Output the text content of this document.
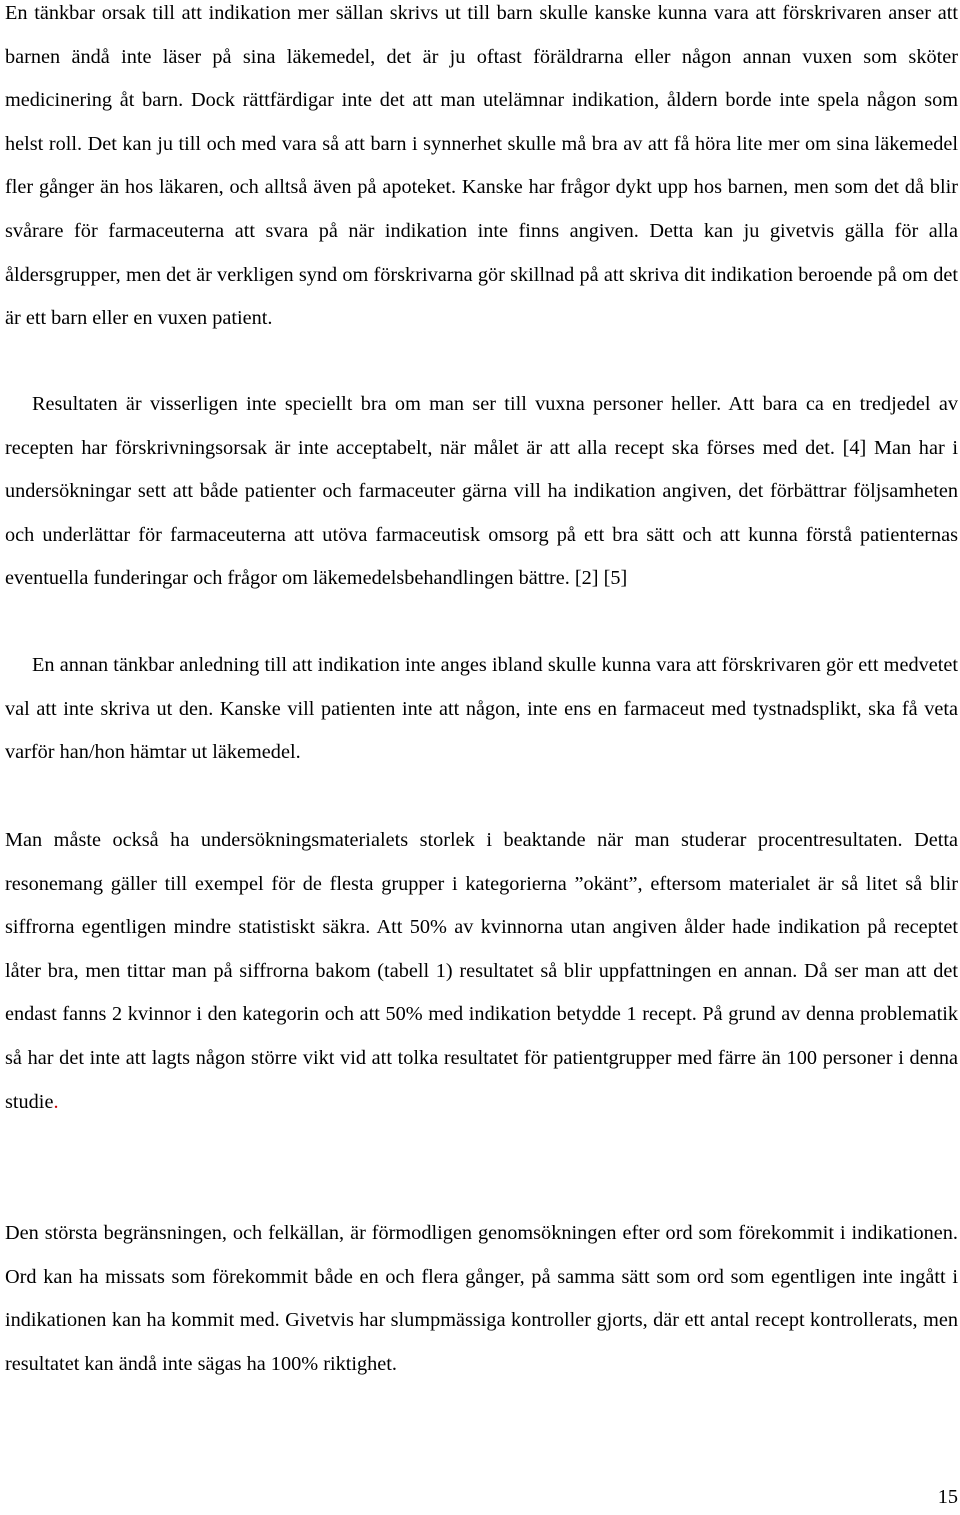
En tänkbar orsak till att indikation mer sällan skrivs ut till barn skulle kanske kunna vara att förskrivaren anser att barnen ändå inte läser på sina läkemedel, det är ju oftast föräldrarna eller någon annan vuxen som sköter medicinering åt barn. Dock rättfärdigar inte det att man utelämnar indikation, åldern borde inte spela någon som helst roll. Det kan ju till och med vara så att barn i synnerhet skulle må bra av att få höra lite mer om sina läkemedel fler gånger än hos läkaren, och alltså även på apoteket. Kanske har frågor dykt upp hos barnen, men som det då blir svårare för farmaceuterna att svara på när indikation inte finns angiven. Detta kan ju givetvis gälla för alla åldersgrupper, men det är verkligen synd om förskrivarna gör skillnad på att skriva dit indikation beroende på om det är ett barn eller en vuxen patient.

Resultaten är visserligen inte speciellt bra om man ser till vuxna personer heller. Att bara ca en tredjedel av recepten har förskrivningsorsak är inte acceptabelt, när målet är att alla recept ska förses med det. [4] Man har i undersökningar sett att både patienter och farmaceuter gärna vill ha indikation angiven, det förbättrar följsamheten och underlättar för farmaceuterna att utöva farmaceutisk omsorg på ett bra sätt och att kunna förstå patienternas eventuella funderingar och frågor om läkemedelsbehandlingen bättre. [2] [5]

En annan tänkbar anledning till att indikation inte anges ibland skulle kunna vara att förskrivaren gör ett medvetet val att inte skriva ut den. Kanske vill patienten inte att någon, inte ens en farmaceut med tystnadsplikt, ska få veta varför han/hon hämtar ut läkemedel.

Man måste också ha undersökningsmaterialets storlek i beaktande när man studerar procentresultaten. Detta resonemang gäller till exempel för de flesta grupper i kategorierna ”okänt”, eftersom materialet är så litet så blir siffrorna egentligen mindre statistiskt säkra. Att 50% av kvinnorna utan angiven ålder hade indikation på receptet låter bra, men tittar man på siffrorna bakom (tabell 1) resultatet så blir uppfattningen en annan. Då ser man att det endast fanns 2 kvinnor i den kategorin och att 50% med indikation betydde 1 recept. På grund av denna problematik så har det inte att lagts någon större vikt vid att tolka resultatet för patientgrupper med färre än 100 personer i denna studie.

Den största begränsningen, och felkällan, är förmodligen genomsökningen efter ord som förekommit i indikationen. Ord kan ha missats som förekommit både en och flera gånger, på samma sätt som ord som egentligen inte ingått i indikationen kan ha kommit med. Givetvis har slumpmässiga kontroller gjorts, där ett antal recept kontrollerats, men resultatet kan ändå inte sägas ha 100% riktighet.

15
